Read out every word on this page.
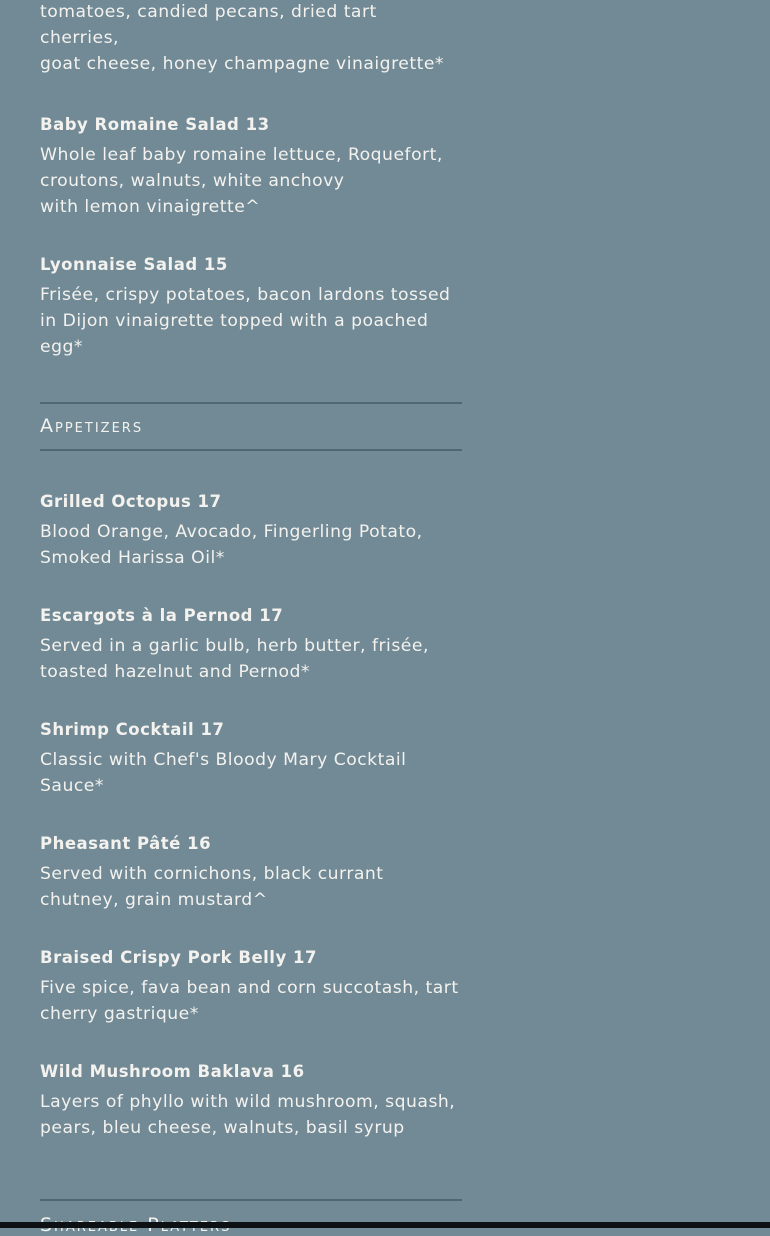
tomatoes, candied pecans, dried tart

cherries,

goat cheese, honey champagne vinaigrette*

Baby Romaine Salad 13

Whole leaf baby romaine lettuce, Roquefort,
croutons, walnuts, white anchovy
with lemon vinaigrette^

Lyonnaise Salad 15

Frisée, crispy potatoes, bacon lardons tossed
in Dijon vinaigrette topped with a poached
egg*

Appetizers

Grilled Octopus 17

Blood Orange, Avocado, Fingerling Potato,
Smoked Harissa Oil*

Escargots à la Pernod 17

Served in a garlic bulb, herb butter, frisée,
toasted hazelnut and Pernod*

Shrimp Cocktail 17

Classic with Chef's Bloody Mary Cocktail
Sauce*

Pheasant Pâté 16

Served with cornichons, black currant
chutney, grain mustard^

Braised Crispy Pork Belly 17

Five spice, fava bean and corn succotash, tart
cherry gastrique*

Wild Mushroom Baklava 16

Layers of phyllo with wild mushroom, squash,
pears, bleu cheese, walnuts, basil syrup
